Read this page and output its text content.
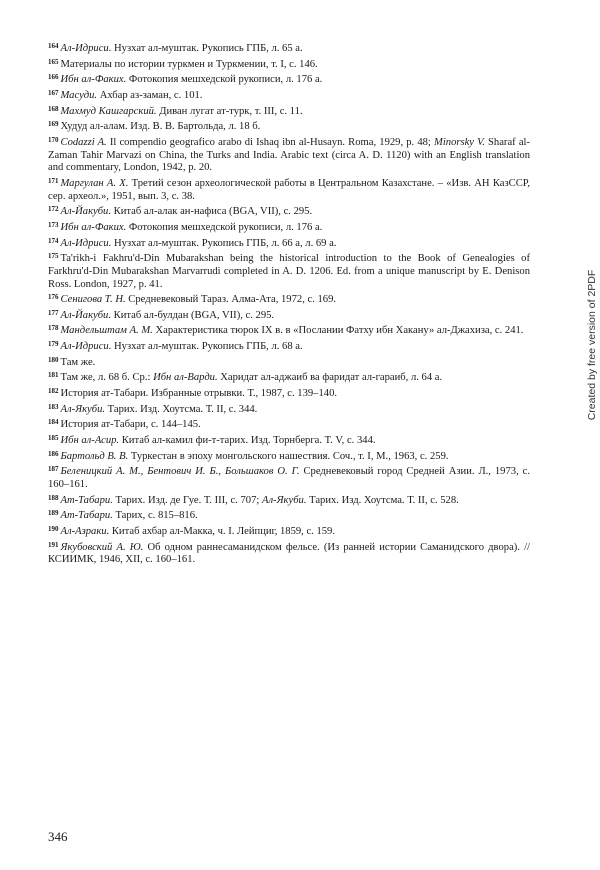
$^{164}$ Ал-Идриси. Нузхат ал-муштак. Рукопись ГПБ, л. 65 а.

$^{165}$ Материалы по истории туркмен и Туркмении, т. I, с. 146.

$^{166}$ Ибн ал-Факих. Фотокопия мешхедской рукописи, л. 176 а.

$^{167}$ Масуди. Ахбар аз-заман, с. 101.

$^{168}$ Махмуд Кашгарский. Диван лугат ат-турк, т. III, с. 11.

$^{169}$ Худуд ал-алам. Изд. В. В. Бартольда, л. 18 б.

$^{170}$ Codazzi A. Il compendio geografico arabo di Ishaq ibn al-Husayn. Roma, 1929, p. 48; Minorsky V. Sharaf al-Zaman Tahir Marvazi on China, the Turks and India. Arabic text (circa A. D. 1120) with an English translation and commentary, London, 1942, p. 20.

$^{171}$ Маргулан А. Х. Третий сезон археологической работы в Центральном Казахстане. – «Изв. АН КазССР, сер. археол.», 1951, вып. 3, с. 38.

$^{172}$ Ал-Йакуби. Китаб ал-алак ан-нафиса (BGA, VII), с. 295.

$^{173}$ Ибн ал-Факих. Фотокопия мешхедской рукописи, л. 176 а.

$^{174}$ Ал-Идриси. Нузхат ал-муштак. Рукопись ГПБ, л. 66 а, л. 69 а.

$^{175}$ Ta'rikh-i Fakhru'd-Din Mubarakshan being the historical introduction to the Book of Genealogies of Farkhru'd-Din Mubarakshan Marvarrudi completed in A. D. 1206. Ed. from a unique manuscript by E. Denison Ross. London, 1927, p. 41.

$^{176}$ Сенигова Т. Н. Средневековый Тараз. Алма-Ата, 1972, с. 169.

$^{177}$ Ал-Йакуби. Китаб ал-булдан (BGA, VII), с. 295.

$^{178}$ Мандельштам А. М. Характеристика тюрок IX в. в «Послании Фатху ибн Хакану» ал-Джахиза, с. 241.

$^{179}$ Ал-Идриси. Нузхат ал-муштак. Рукопись ГПБ, л. 68 а.

$^{180}$ Там же.

$^{181}$ Там же, л. 68 б. Ср.: Ибн ал-Варди. Харидат ал-аджаиб ва фаридат ал-гараиб, л. 64 а.

$^{182}$ История ат-Табари. Избранные отрывки. Т., 1987, с. 139–140.

$^{183}$ Ал-Якуби. Тарих. Изд. Хоутсма. Т. II, с. 344.

$^{184}$ История ат-Табари, с. 144–145.

$^{185}$ Ибн ал-Асир. Китаб ал-камил фи-т-тарих. Изд. Торнберга. Т. V, с. 344.

$^{186}$ Бартольд В. В. Туркестан в эпоху монгольского нашествия. Соч., т. I, М., 1963, с. 259.

$^{187}$ Беленицкий А. М., Бентович И. Б., Большаков О. Г. Средневековый город Средней Азии. Л., 1973, с. 160–161.

$^{188}$ Ат-Табари. Тарих. Изд. де Гуе. Т. III, с. 707; Ал-Якуби. Тарих. Изд. Хоутсма. Т. II, с. 528.

$^{189}$ Ат-Табари. Тарих, с. 815–816.

$^{190}$ Ал-Азраки. Китаб ахбар ал-Макка, ч. I. Лейпциг, 1859, с. 159.

$^{191}$ Якубовский А. Ю. Об одном раннесаманидском фельсе. (Из ранней истории Саманидского двора). // КСИИМК, 1946, XII, с. 160–161.

Created by free version of 2PDF
346
